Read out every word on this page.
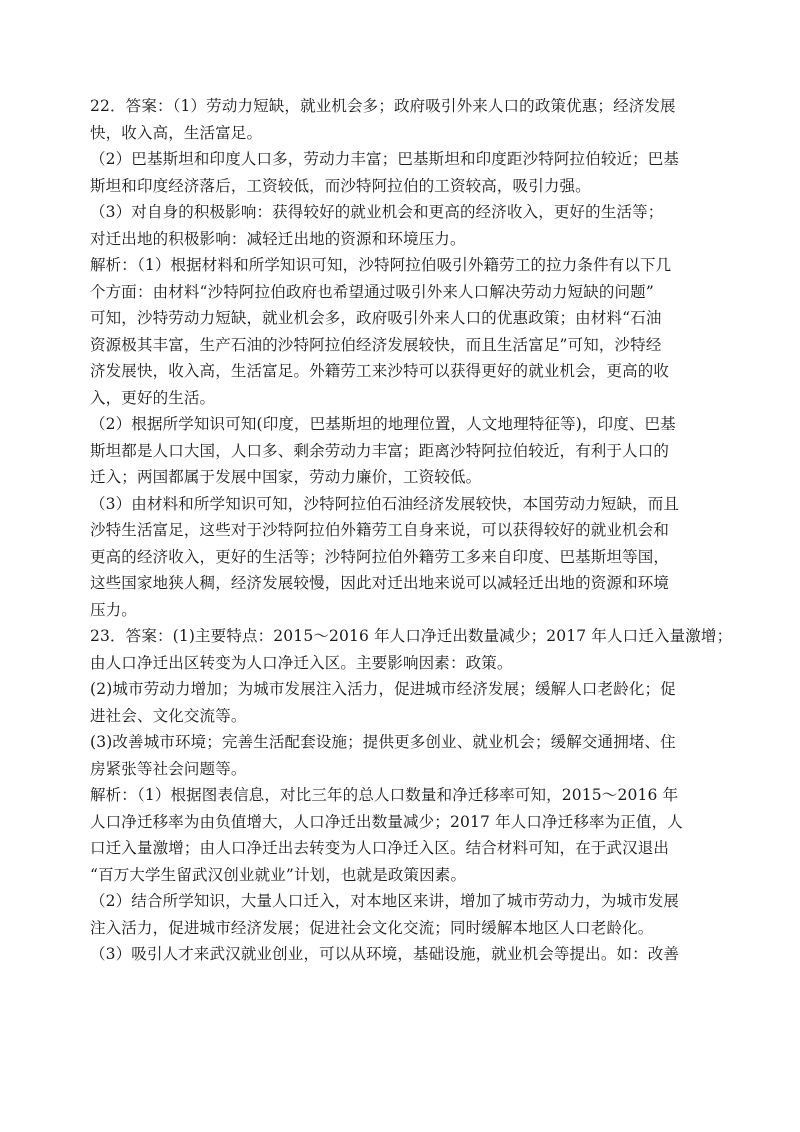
22．答案：（1）劳动力短缺，就业机会多；政府吸引外来人口的政策优惠；经济发展
快，收入高，生活富足。
（2）巴基斯坦和印度人口多，劳动力丰富；巴基斯坦和印度距沙特阿拉伯较近；巴基
斯坦和印度经济落后，工资较低，而沙特阿拉伯的工资较高，吸引力强。
（3）对自身的积极影响：获得较好的就业机会和更高的经济收入，更好的生活等；
对迁出地的积极影响：减轻迁出地的资源和环境压力。
解析：（1）根据材料和所学知识可知，沙特阿拉伯吸引外籍劳工的拉力条件有以下几
个方面：由材料“沙特阿拉伯政府也希望通过吸引外来人口解决劳动力短缺的问题”
可知，沙特劳动力短缺，就业机会多，政府吸引外来人口的优惠政策；由材料“石油
资源极其丰富，生产石油的沙特阿拉伯经济发展较快，而且生活富足”可知，沙特经
济发展快，收入高，生活富足。外籍劳工来沙特可以获得更好的就业机会，更高的收
入，更好的生活。
（2）根据所学知识可知(印度，巴基斯坦的地理位置，人文地理特征等)，印度、巴基
斯坦都是人口大国，人口多、剩余劳动力丰富；距离沙特阿拉伯较近，有利于人口的
迁入；两国都属于发展中国家，劳动力廉价，工资较低。
（3）由材料和所学知识可知，沙特阿拉伯石油经济发展较快，本国劳动力短缺，而且
沙特生活富足，这些对于沙特阿拉伯外籍劳工自身来说，可以获得较好的就业机会和
更高的经济收入，更好的生活等；沙特阿拉伯外籍劳工多来自印度、巴基斯坦等国，
这些国家地狭人稠，经济发展较慢，因此对迁出地来说可以减轻迁出地的资源和环境
压力。
23．答案：(1)主要特点：2015～2016 年人口净迁出数量减少；2017 年人口迁入量激增；
由人口净迁出区转变为人口净迁入区。主要影响因素：政策。
(2)城市劳动力增加；为城市发展注入活力，促进城市经济发展；缓解人口老龄化；促
进社会、文化交流等。
(3)改善城市环境；完善生活配套设施；提供更多创业、就业机会；缓解交通拥堵、住
房紧张等社会问题等。
解析：（1）根据图表信息，对比三年的总人口数量和净迁移率可知，2015～2016 年
人口净迁移率为由负值增大，人口净迁出数量减少；2017 年人口净迁移率为正值，人
口迁入量激增；由人口净迁出去转变为人口净迁入区。结合材料可知，在于武汉退出
“百万大学生留武汉创业就业”计划，也就是政策因素。
（2）结合所学知识，大量人口迁入，对本地区来讲，增加了城市劳动力，为城市发展
注入活力，促进城市经济发展；促进社会文化交流；同时缓解本地区人口老龄化。
（3）吸引人才来武汉就业创业，可以从环境，基础设施，就业机会等提出。如：改善
